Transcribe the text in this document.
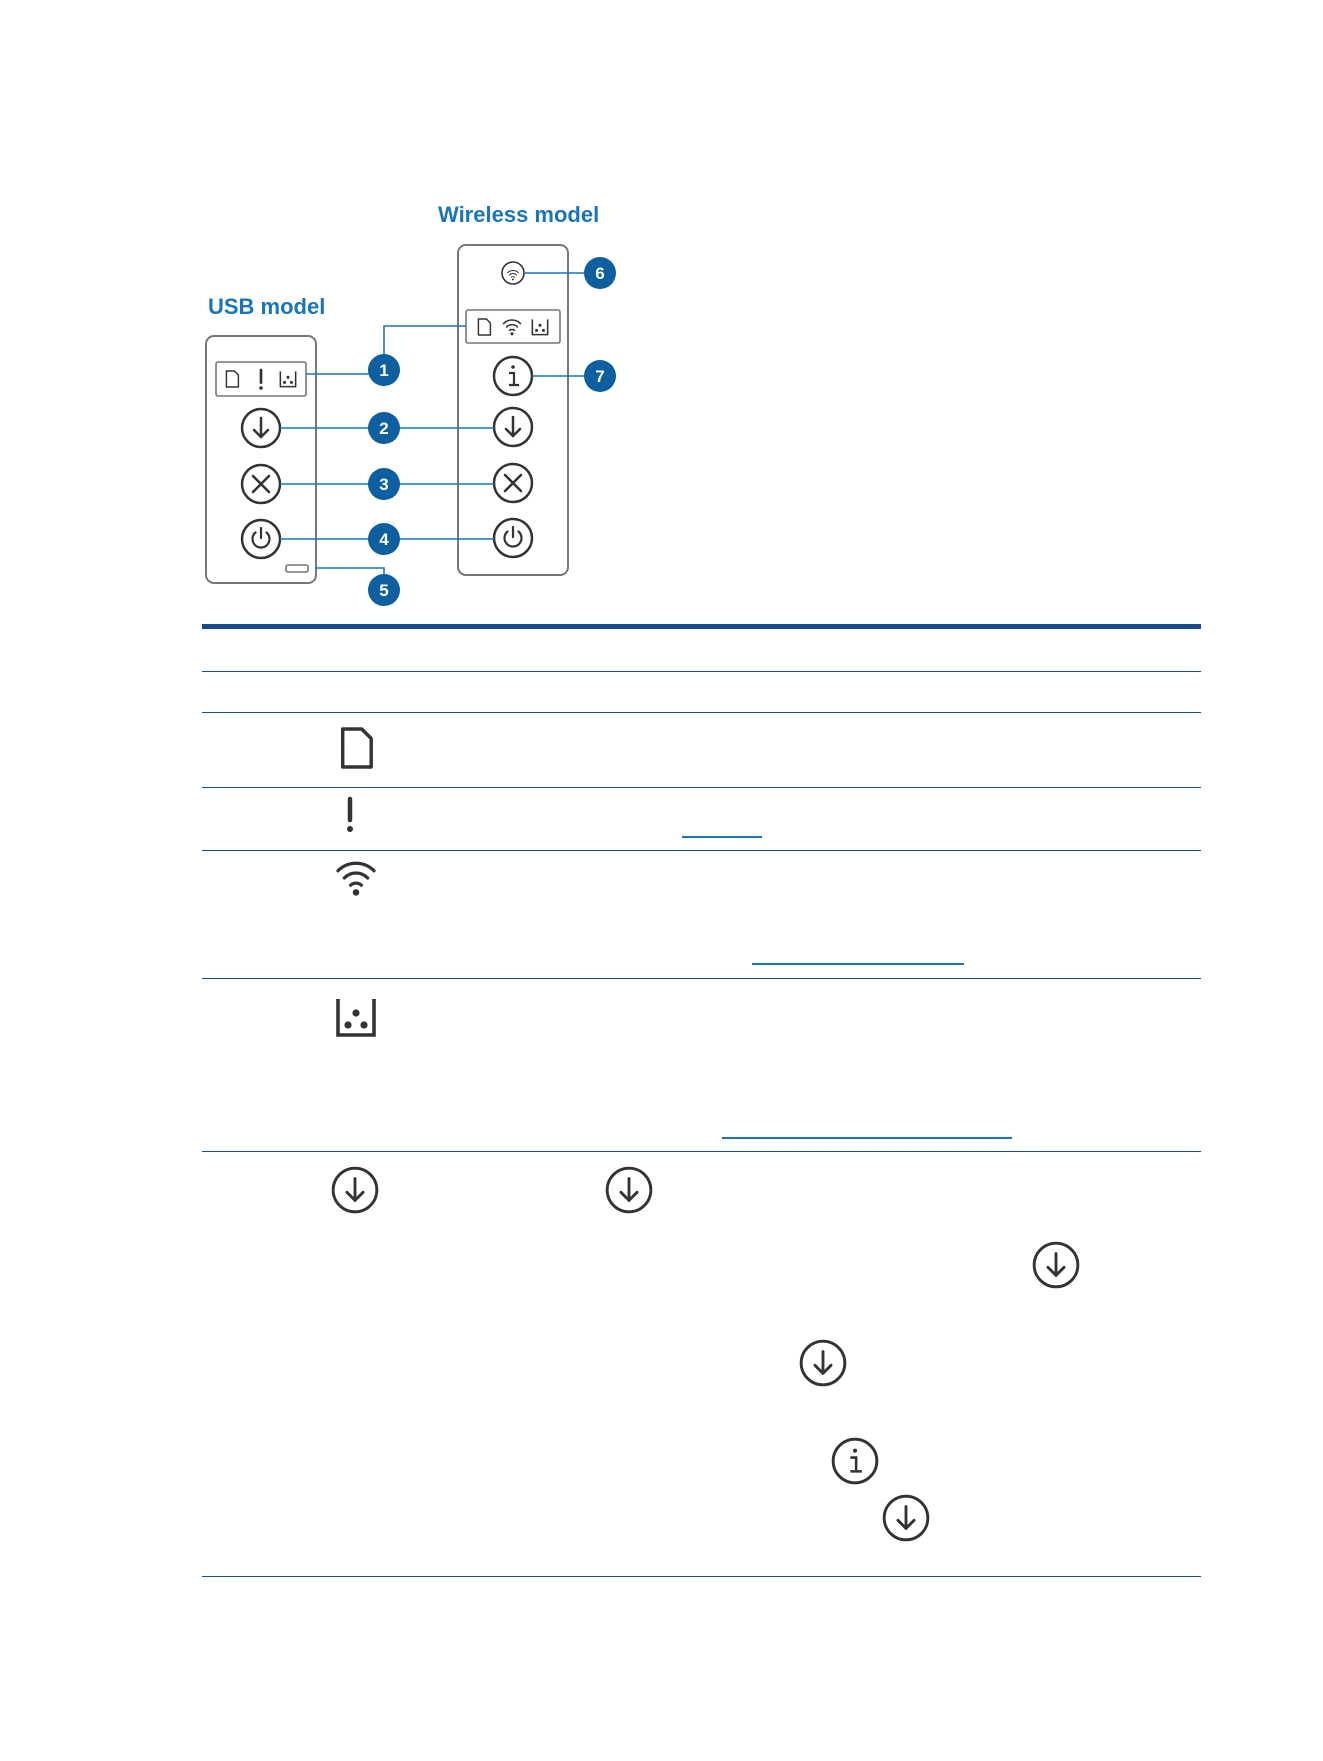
Wireless model
USB model
1
2
3
4
5
6
7
